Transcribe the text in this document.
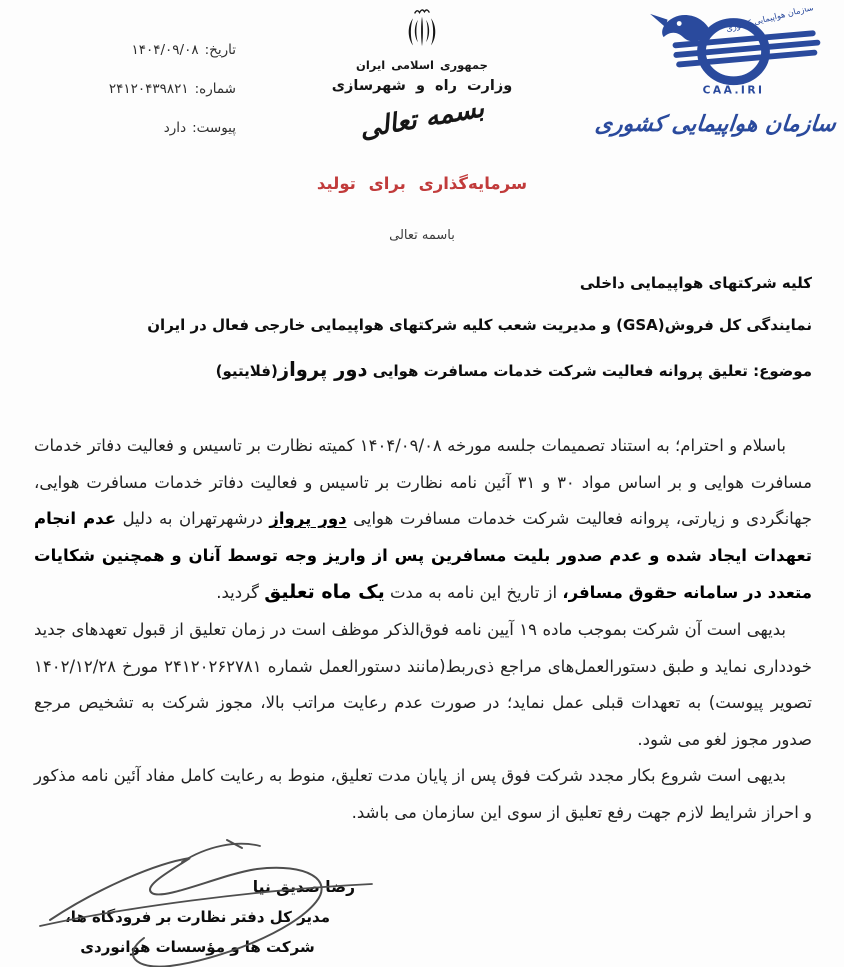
تاریخ:
۱۴۰۴/۰۹/۰۸
شماره:
۲۴۱۲۰۴۳۹۸۲۱
پیوست:
دارد
جمهوری اسلامی ایران
وزارت راه و شهرسازی
بسمه تعالی
CAA.IRI
سازمان هواپیمایی کشوری
سازمان هواپیمایی کشوری
سرمایه‌گذاری برای تولید
باسمه تعالی
کلیه شرکتهای هواپیمایی داخلی
نمایندگی کل فروش(GSA) و مدیریت شعب کلیه شرکتهای هواپیمایی خارجی فعال در ایران
موضوع: تعلیق پروانه فعالیت شرکت خدمات مسافرت هوایی دور پرواز(فلایتیو)

باسلام و احترام؛ به استناد تصمیمات جلسه مورخه ۱۴۰۴/۰۹/۰۸ کمیته نظارت بر تاسیس و فعالیت دفاتر خدمات مسافرت هوایی و بر اساس مواد ۳۰ و ۳۱ آئین نامه نظارت بر تاسیس و فعالیت دفاتر خدمات مسافرت هوایی، جهانگردی و زیارتی، پروانه فعالیت شرکت خدمات مسافرت هوایی دور پرواز درشهرتهران به دلیل عدم انجام تعهدات ایجاد شده و عدم صدور بلیت مسافرین پس از واریز وجه توسط آنان و همچنین شکایات متعدد در سامانه حقوق مسافر، از تاریخ این نامه به مدت یک ماه تعلیق گردید.

بدیهی است آن شرکت بموجب ماده ۱۹ آیین نامه فوق‌الذکر موظف است در زمان تعلیق از قبول تعهدهای جدید خودداری نماید و طبق دستورالعمل‌های مراجع ذی‌ربط(مانند دستورالعمل شماره ۲۴۱۲۰۲۶۲۷۸۱ مورخ ۱۴۰۲/۱۲/۲۸ تصویر پیوست) به تعهدات قبلی عمل نماید؛ در صورت عدم رعایت مراتب بالا، مجوز شرکت به تشخیص مرجع صدور مجوز لغو می شود.

بدیهی است شروع بکار مجدد شرکت فوق پس از پایان مدت تعلیق، منوط به رعایت کامل مفاد آئین نامه مذکور و احراز شرایط لازم جهت رفع تعلیق از سوی این سازمان می باشد.

رضا صدیق نیا
مدیر کل دفتر نظارت بر فرودگاه ها،
شرکت ها و مؤسسات هوانوردی
